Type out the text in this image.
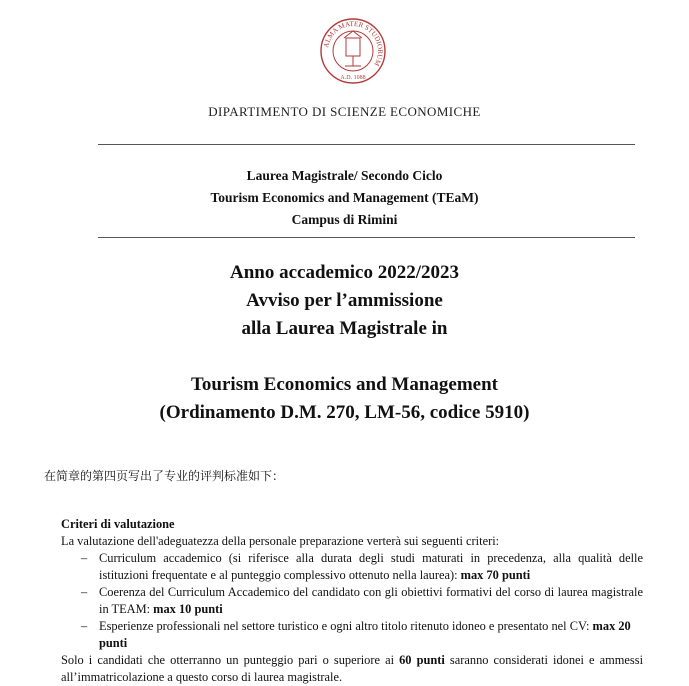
ALMA MATER STUDIORUM
A.D. 1088
DIPARTIMENTO DI SCIENZE ECONOMICHE
Laurea Magistrale/ Secondo Ciclo
Tourism Economics and Management (TEaM)
Campus di Rimini
Anno accademico 2022/2023
Avviso per l’ammissione
alla Laurea Magistrale in
Tourism Economics and Management
(Ordinamento D.M. 270, LM-56, codice 5910)
在简章的第四页写出了专业的评判标准如下：
Criteri di valutazione
La valutazione dell'adeguatezza della personale preparazione verterà sui seguenti criteri:
– Curriculum accademico (si riferisce alla durata degli studi maturati in precedenza, alla qualità delle istituzioni frequentate e al punteggio complessivo ottenuto nella laurea): max 70 punti
– Coerenza del Curriculum Accademico del candidato con gli obiettivi formativi del corso di laurea magistrale in TEAM: max 10 punti
– Esperienze professionali nel settore turistico e ogni altro titolo ritenuto idoneo e presentato nel CV: max 20 punti
Solo i candidati che otterranno un punteggio pari o superiore ai 60 punti saranno considerati idonei e ammessi all’immatricolazione a questo corso di laurea magistrale.
